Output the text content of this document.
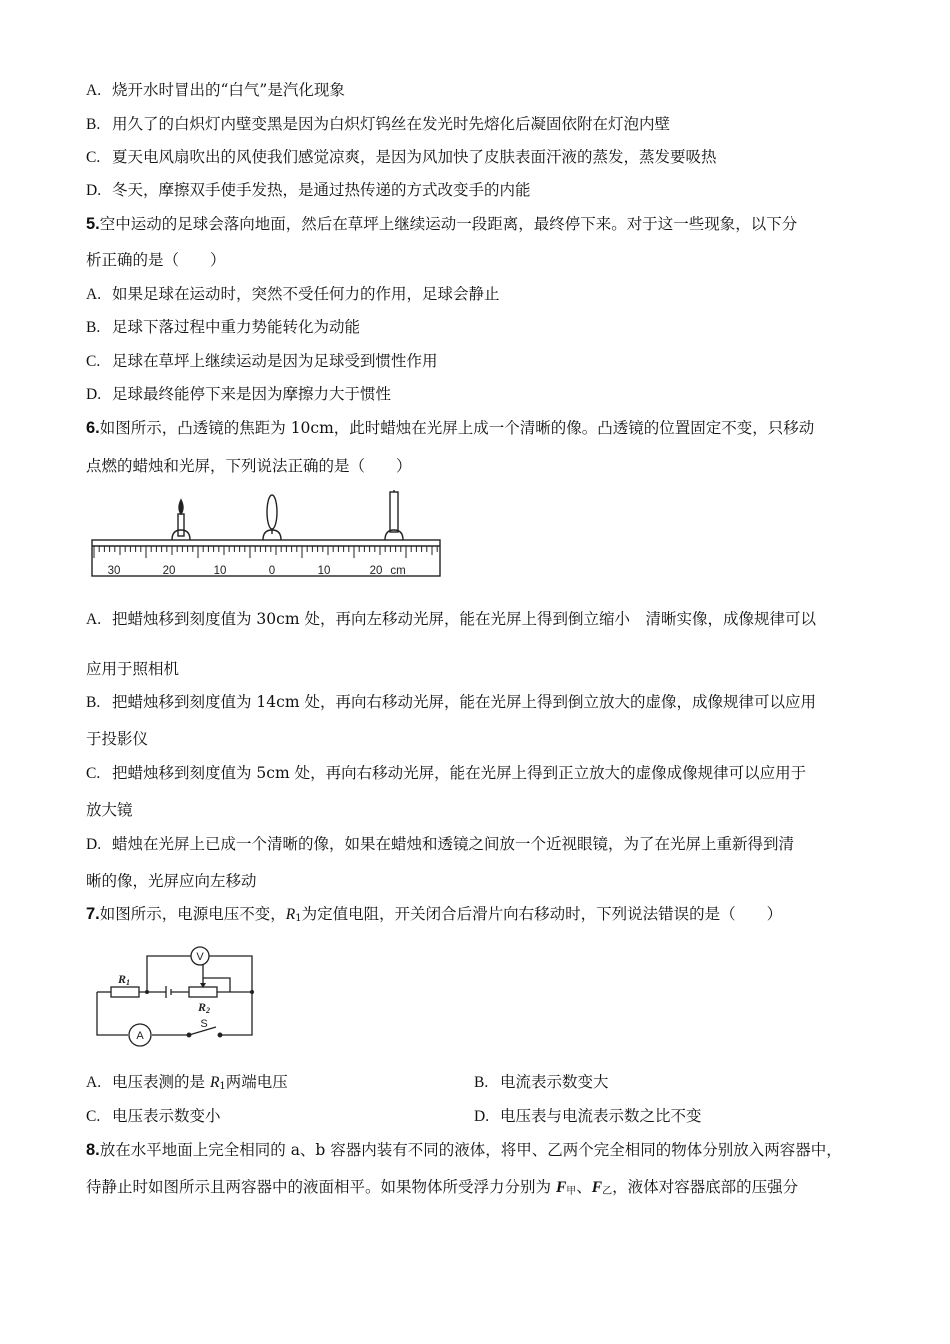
A. 烧开水时冒出的“白气”是汽化现象
B. 用久了的白炽灯内壁变黑是因为白炽灯钨丝在发光时先熔化后凝固依附在灯泡内壁
C. 夏天电风扇吹出的风使我们感觉凉爽，是因为风加快了皮肤表面汗液的蒸发，蒸发要吸热
D. 冬天，摩擦双手使手发热，是通过热传递的方式改变手的内能
5.空中运动的足球会落向地面，然后在草坪上继续运动一段距离，最终停下来。对于这一些现象，以下分
析正确的是（　　）
A. 如果足球在运动时，突然不受任何力的作用，足球会静止
B. 足球下落过程中重力势能转化为动能
C. 足球在草坪上继续运动是因为足球受到惯性作用
D. 足球最终能停下来是因为摩擦力大于惯性
6.如图所示，凸透镜的焦距为 10cm，此时蜡烛在光屏上成一个清晰的像。凸透镜的位置固定不变，只移动
点燃的蜡烛和光屏，下列说法正确的是（　　）
30	20	10	0	10	20 cm
A. 把蜡烛移到刻度值为 30cm 处，再向左移动光屏，能在光屏上得到倒立缩小　清晰实像，成像规律可以
应用于照相机
B. 把蜡烛移到刻度值为 14cm 处，再向右移动光屏，能在光屏上得到倒立放大的虚像，成像规律可以应用
于投影仪
C. 把蜡烛移到刻度值为 5cm 处，再向右移动光屏，能在光屏上得到正立放大的虚像成像规律可以应用于
放大镜
D. 蜡烛在光屏上已成一个清晰的像，如果在蜡烛和透镜之间放一个近视眼镜，为了在光屏上重新得到清
晰的像，光屏应向左移动
7.如图所示，电源电压不变，$R_1$为定值电阻，开关闭合后滑片向右移动时，下列说法错误的是（　　）
R1
R2
V
A
S
A. 电压表测的是 $R_1$两端电压	B. 电流表示数变大
C. 电压表示数变小	D. 电压表与电流表示数之比不变
8.放在水平地面上完全相同的 a、b 容器内装有不同的液体，将甲、乙两个完全相同的物体分别放入两容器中，
待静止时如图所示且两容器中的液面相平。如果物体所受浮力分别为 $F_甲$、$F_乙$，液体对容器底部的压强分
